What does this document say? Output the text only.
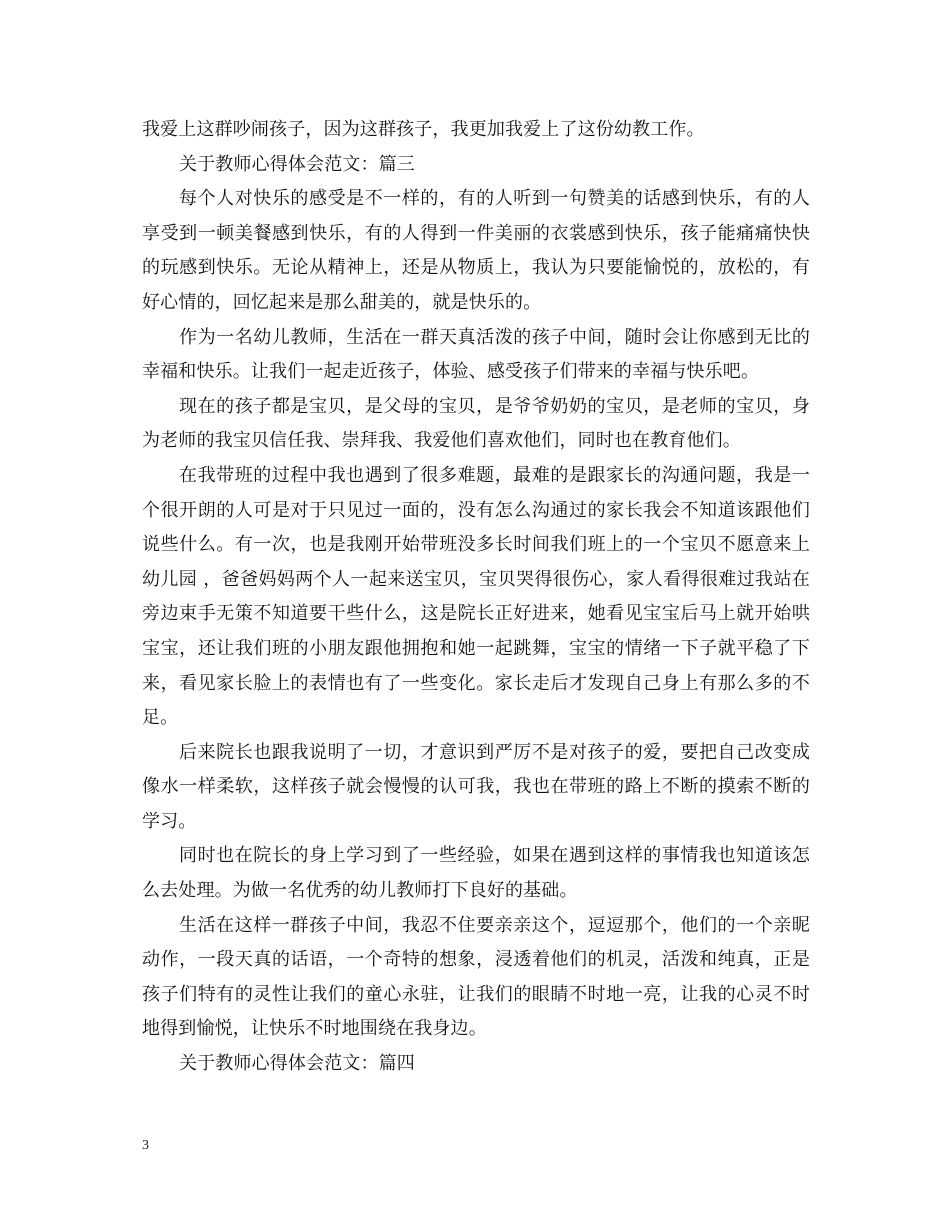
我爱上这群吵闹孩子，因为这群孩子，我更加我爱上了这份幼教工作。

关于教师心得体会范文：篇三

每个人对快乐的感受是不一样的，有的人听到一句赞美的话感到快乐，有的人享受到一顿美餐感到快乐，有的人得到一件美丽的衣裳感到快乐，孩子能痛痛快快的玩感到快乐。无论从精神上，还是从物质上，我认为只要能愉悦的，放松的，有好心情的，回忆起来是那么甜美的，就是快乐的。

作为一名幼儿教师，生活在一群天真活泼的孩子中间，随时会让你感到无比的幸福和快乐。让我们一起走近孩子，体验、感受孩子们带来的幸福与快乐吧。

现在的孩子都是宝贝，是父母的宝贝，是爷爷奶奶的宝贝，是老师的宝贝，身为老师的我宝贝信任我、崇拜我、我爱他们喜欢他们，同时也在教育他们。

在我带班的过程中我也遇到了很多难题，最难的是跟家长的沟通问题，我是一个很开朗的人可是对于只见过一面的，没有怎么沟通过的家长我会不知道该跟他们说些什么。有一次，也是我刚开始带班没多长时间我们班上的一个宝贝不愿意来上幼儿园 ，爸爸妈妈两个人一起来送宝贝，宝贝哭得很伤心，家人看得很难过我站在旁边束手无策不知道要干些什么，这是院长正好进来，她看见宝宝后马上就开始哄宝宝，还让我们班的小朋友跟他拥抱和她一起跳舞，宝宝的情绪一下子就平稳了下来，看见家长脸上的表情也有了一些变化。家长走后才发现自己身上有那么多的不足。

后来院长也跟我说明了一切，才意识到严厉不是对孩子的爱，要把自己改变成像水一样柔软，这样孩子就会慢慢的认可我，我也在带班的路上不断的摸索不断的学习。

同时也在院长的身上学习到了一些经验，如果在遇到这样的事情我也知道该怎么去处理。为做一名优秀的幼儿教师打下良好的基础。

生活在这样一群孩子中间，我忍不住要亲亲这个，逗逗那个，他们的一个亲昵动作，一段天真的话语，一个奇特的想象，浸透着他们的机灵，活泼和纯真，正是孩子们特有的灵性让我们的童心永驻，让我们的眼睛不时地一亮，让我的心灵不时地得到愉悦，让快乐不时地围绕在我身边。

关于教师心得体会范文：篇四

3
